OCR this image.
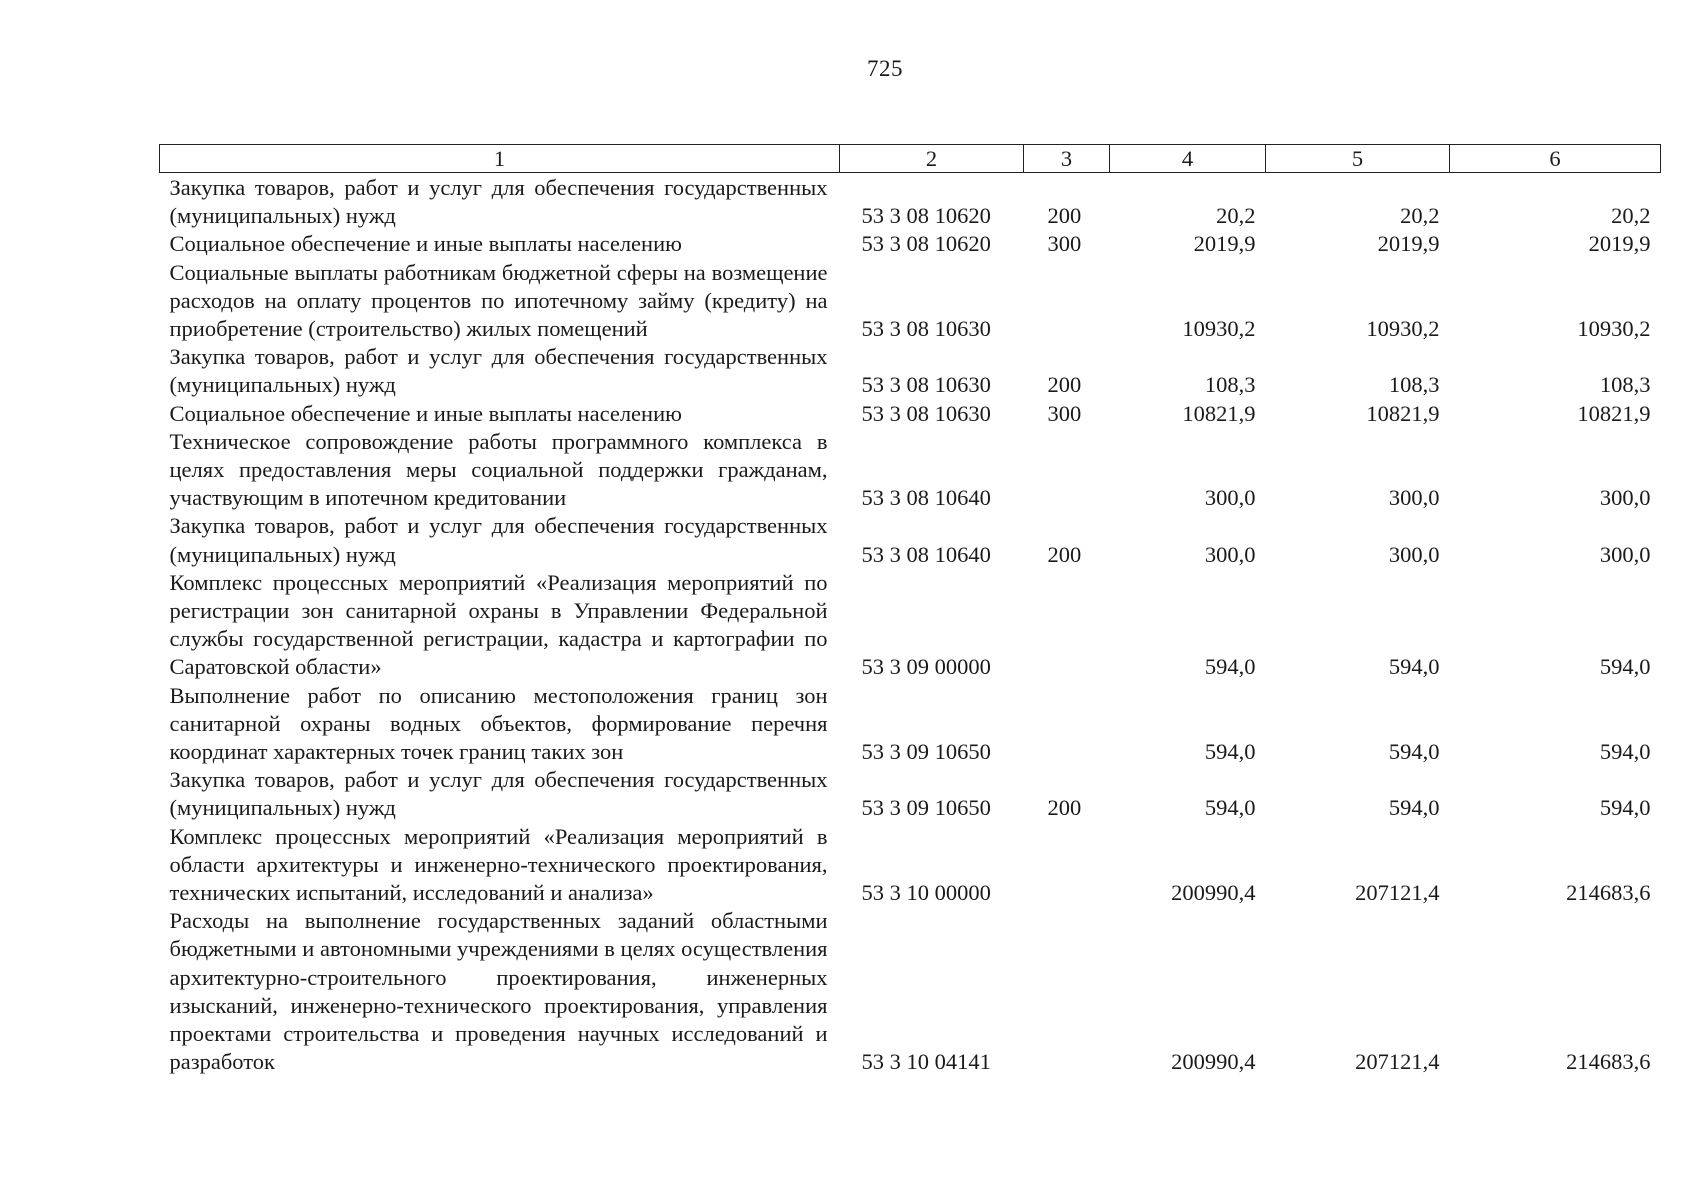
725
1	2	3	4	5	6
Закупка товаров, работ и услуг для обеспечения государственных (муниципальных) нужд	53 3 08 10620	200	20,2	20,2	20,2
Социальное обеспечение и иные выплаты населению	53 3 08 10620	300	2019,9	2019,9	2019,9
Социальные выплаты работникам бюджетной сферы на возмещение расходов на оплату процентов по ипотечному займу (кредиту) на приобретение (строительство) жилых помещений	53 3 08 10630		10930,2	10930,2	10930,2
Закупка товаров, работ и услуг для обеспечения государственных (муниципальных) нужд	53 3 08 10630	200	108,3	108,3	108,3
Социальное обеспечение и иные выплаты населению	53 3 08 10630	300	10821,9	10821,9	10821,9
Техническое сопровождение работы программного комплекса в целях предоставления меры социальной поддержки гражданам, участвующим в ипотечном кредитовании	53 3 08 10640		300,0	300,0	300,0
Закупка товаров, работ и услуг для обеспечения государственных (муниципальных) нужд	53 3 08 10640	200	300,0	300,0	300,0
Комплекс процессных мероприятий «Реализация мероприятий по регистрации зон санитарной охраны в Управлении Федеральной службы государственной регистрации, кадастра и картографии по Саратовской области»	53 3 09 00000		594,0	594,0	594,0
Выполнение работ по описанию местоположения границ зон санитарной охраны водных объектов, формирование перечня координат характерных точек границ таких зон	53 3 09 10650		594,0	594,0	594,0
Закупка товаров, работ и услуг для обеспечения государственных (муниципальных) нужд	53 3 09 10650	200	594,0	594,0	594,0
Комплекс процессных мероприятий «Реализация мероприятий в области архитектуры и инженерно-технического проектирования, технических испытаний, исследований и анализа»	53 3 10 00000		200990,4	207121,4	214683,6
Расходы на выполнение государственных заданий областными бюджетными и автономными учреждениями в целях осуществления архитектурно-строительного проектирования, инженерных изысканий, инженерно-технического проектирования, управления проектами строительства и проведения научных исследований и разработок	53 3 10 04141		200990,4	207121,4	214683,6
